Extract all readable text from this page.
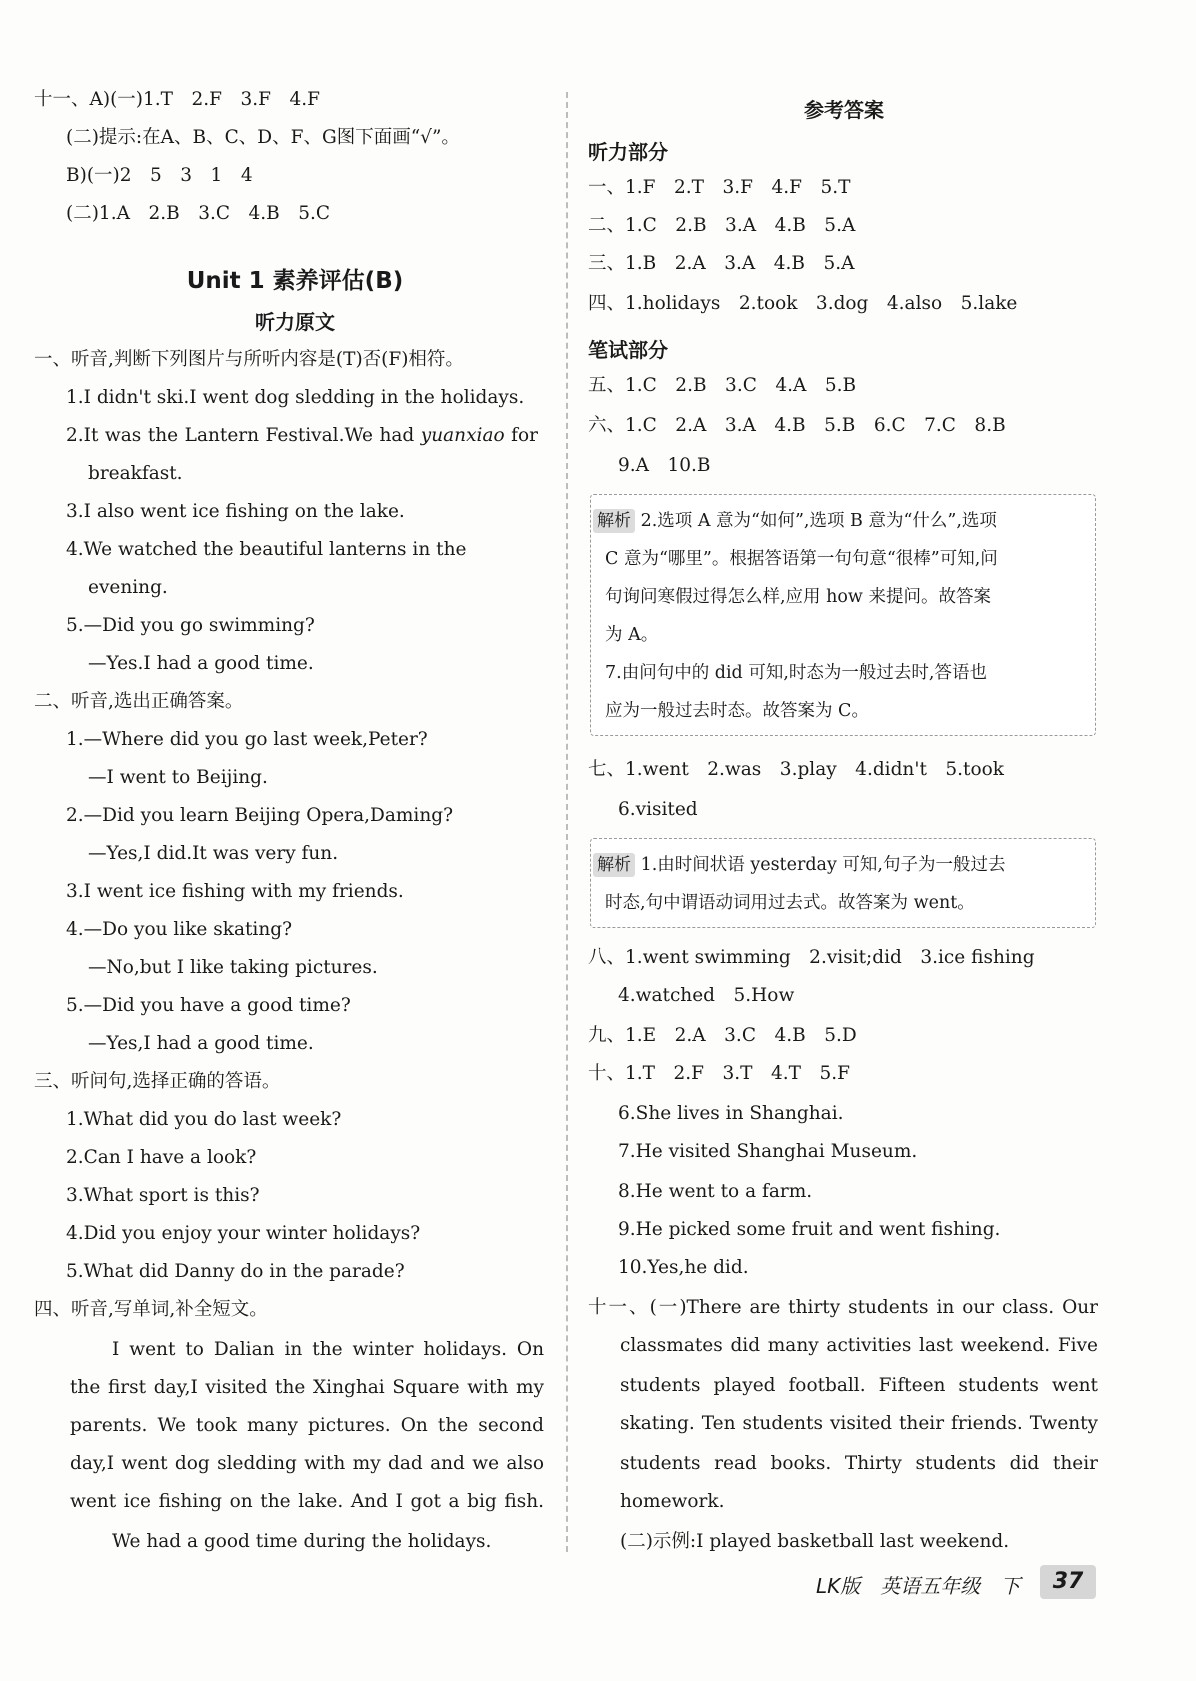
十一、A)(一)1.T　2.F　3.F　4.F
(二)提示:在A、B、C、D、F、G图下面画“√”。
B)(一)2　5　3　1　4
(二)1.A　2.B　3.C　4.B　5.C
Unit 1 素养评估(B)
听力原文
一、听音,判断下列图片与所听内容是(T)否(F)相符。
1.I didn't ski.I went dog sledding in the holidays.
2.It was the Lantern Festival.We had yuanxiao for
breakfast.
3.I also went ice fishing on the lake.
4.We watched the beautiful lanterns in the
evening.
5.—Did you go swimming?
—Yes.I had a good time.
二、听音,选出正确答案。
1.—Where did you go last week,Peter?
—I went to Beijing.
2.—Did you learn Beijing Opera,Daming?
—Yes,I did.It was very fun.
3.I went ice fishing with my friends.
4.—Do you like skating?
—No,but I like taking pictures.
5.—Did you have a good time?
—Yes,I had a good time.
三、听问句,选择正确的答语。
1.What did you do last week?
2.Can I have a look?
3.What sport is this?
4.Did you enjoy your winter holidays?
5.What did Danny do in the parade?
四、听音,写单词,补全短文。
I went to Dalian in the winter holidays. On
the first day,I visited the Xinghai Square with my
parents. We took many pictures. On the second
day,I went dog sledding with my dad and we also
went ice fishing on the lake. And I got a big fish.
We had a good time during the holidays.
参考答案
听力部分
一、1.F　2.T　3.F　4.F　5.T
二、1.C　2.B　3.A　4.B　5.A
三、1.B　2.A　3.A　4.B　5.A
四、1.holidays　2.took　3.dog　4.also　5.lake
笔试部分
五、1.C　2.B　3.C　4.A　5.B
六、1.C　2.A　3.A　4.B　5.B　6.C　7.C　8.B
9.A　10.B
解析 2.选项 A 意为“如何”,选项 B 意为“什么”,选项
C 意为“哪里”。根据答语第一句句意“很棒”可知,问
句询问寒假过得怎么样,应用 how 来提问。故答案
为 A。
7.由问句中的 did 可知,时态为一般过去时,答语也
应为一般过去时态。故答案为 C。
七、1.went　2.was　3.play　4.didn't　5.took
6.visited
解析 1.由时间状语 yesterday 可知,句子为一般过去
时态,句中谓语动词用过去式。故答案为 went。
八、1.went swimming　2.visit;did　3.ice fishing
4.watched　5.How
九、1.E　2.A　3.C　4.B　5.D
十、1.T　2.F　3.T　4.T　5.F
6.She lives in Shanghai.
7.He visited Shanghai Museum.
8.He went to a farm.
9.He picked some fruit and went fishing.
10.Yes,he did.
十一、(一)There are thirty students in our class. Our
classmates did many activities last weekend. Five
students played football. Fifteen students went
skating. Ten students visited their friends. Twenty
students read books. Thirty students did their
homework.
(二)示例:I played basketball last weekend.
LK版　英语五年级　下	37
